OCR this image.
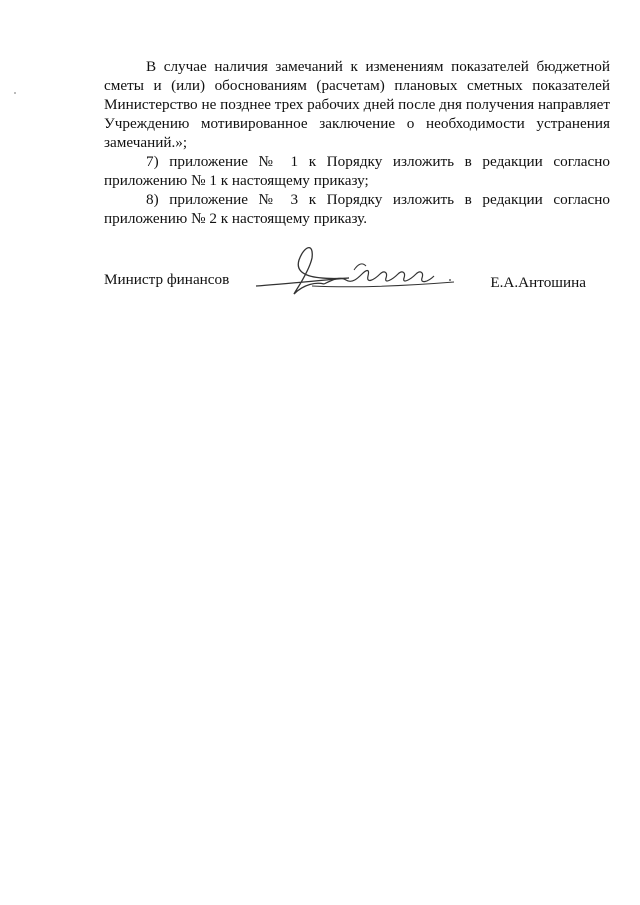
В случае наличия замечаний к изменениям показателей бюджетной сметы и (или) обоснованиям (расчетам) плановых сметных показателей Министерство не позднее трех рабочих дней после дня получения направляет Учреждению мотивированное заключение о необходимости устранения замечаний.»;

7) приложение № 1 к Порядку изложить в редакции согласно приложению № 1 к настоящему приказу;

8) приложение № 3 к Порядку изложить в редакции согласно приложению № 2 к настоящему приказу.

Министр финансов	Е.А.Антошина
